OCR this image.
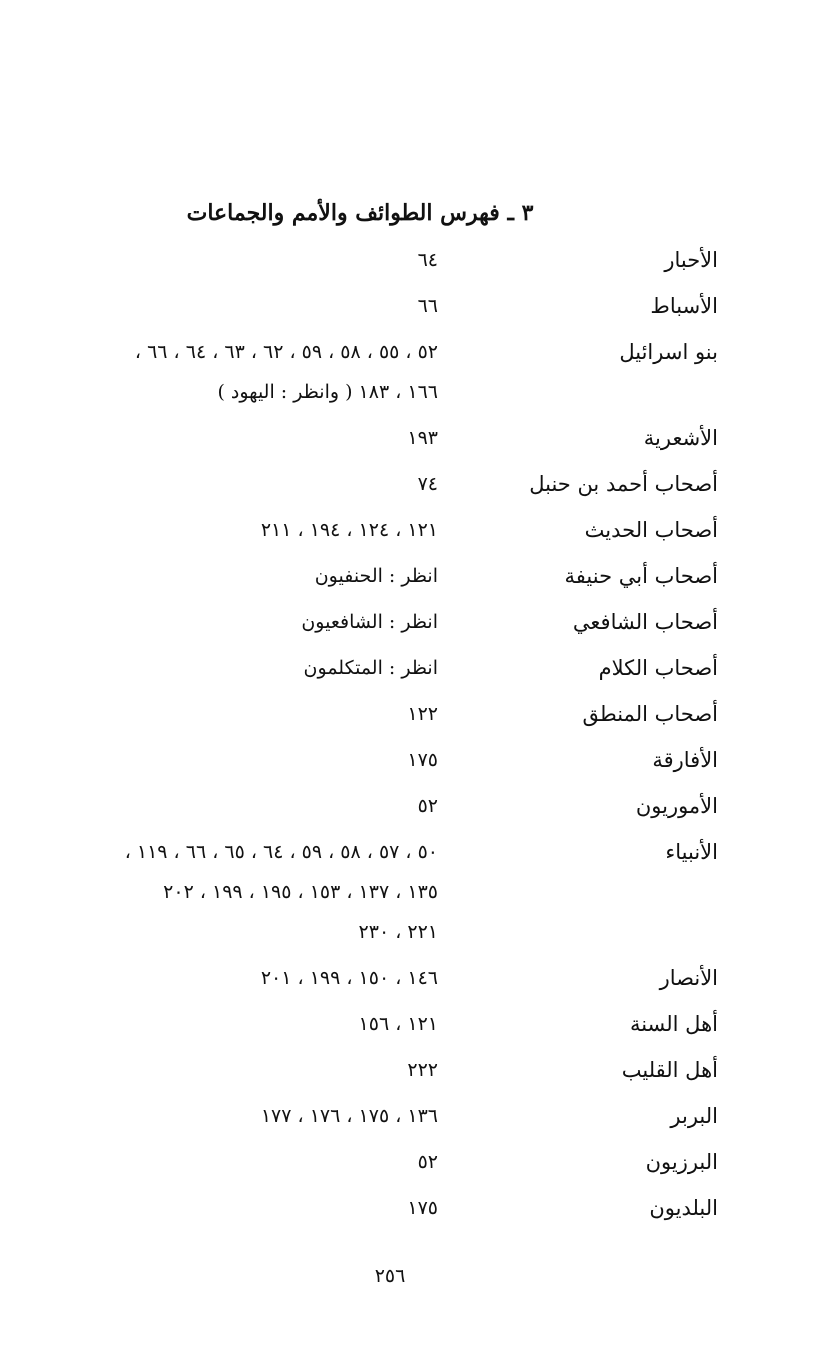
٣ ـ فهرس الطوائف والأمم والجماعات
الأحبار
٦٤
الأسباط
٦٦
بنو اسرائيل
٥٢ ، ٥٥ ، ٥٨ ، ٥٩ ، ٦٢ ، ٦٣ ، ٦٤ ، ٦٦ ،
١٦٦ ، ١٨٣ ( وانظر : اليهود )
الأشعرية
١٩٣
أصحاب أحمد بن حنبل
٧٤
أصحاب الحديث
١٢١ ، ١٢٤ ، ١٩٤ ، ٢١١
أصحاب أبي حنيفة
انظر : الحنفيون
أصحاب الشافعي
انظر : الشافعيون
أصحاب الكلام
انظر : المتكلمون
أصحاب المنطق
١٢٢
الأفارقة
١٧٥
الأموريون
٥٢
الأنبياء
٥٠ ، ٥٧ ، ٥٨ ، ٥٩ ، ٦٤ ، ٦٥ ، ٦٦ ، ١١٩ ،
١٣٥ ، ١٣٧ ، ١٥٣ ، ١٩٥ ، ١٩٩ ، ٢٠٢
٢٢١ ، ٢٣٠
الأنصار
١٤٦ ، ١٥٠ ، ١٩٩ ، ٢٠١
أهل السنة
١٢١ ، ١٥٦
أهل القليب
٢٢٢
البربر
١٣٦ ، ١٧٥ ، ١٧٦ ، ١٧٧
البرزيون
٥٢
البلديون
١٧٥
٢٥٦
